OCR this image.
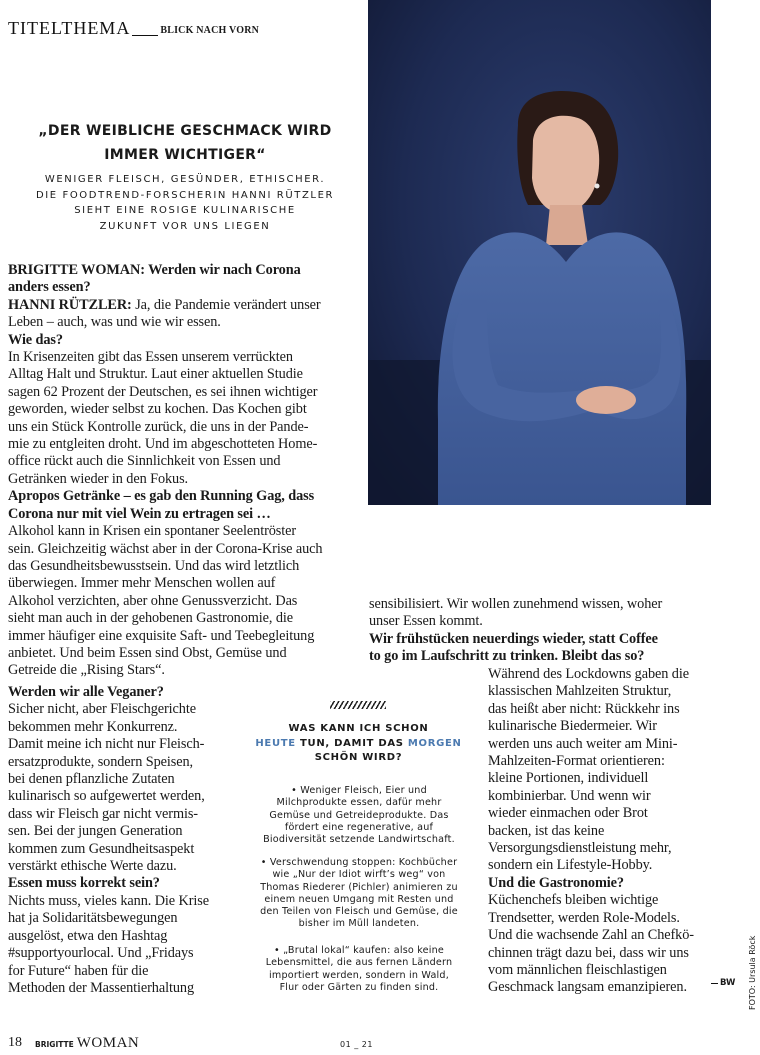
TITELTHEMA	BLICK NACH VORN
„DER WEIBLICHE GESCHMACK WIRD
IMMER WICHTIGER“
WENIGER FLEISCH, GESÜNDER, ETHISCHER.
DIE FOODTREND-FORSCHERIN HANNI RÜTZLER
SIEHT EINE ROSIGE KULINARISCHE
ZUKUNFT VOR UNS LIEGEN
BRIGITTE WOMAN: Werden wir nach Corona
anders essen?
HANNI RÜTZLER: Ja, die Pandemie verändert unser
Leben – auch, was und wie wir essen.
Wie das?
In Krisenzeiten gibt das Essen unserem verrückten
Alltag Halt und Struktur. Laut einer aktuellen Studie
sagen 62 Prozent der Deutschen, es sei ihnen wichtiger
geworden, wieder selbst zu kochen. Das Kochen gibt
uns ein Stück Kontrolle zurück, die uns in der Pande-
mie zu entgleiten droht. Und im abgeschotteten Home-
office rückt auch die Sinnlichkeit von Essen und
Getränken wieder in den Fokus.
Apropos Getränke – es gab den Running Gag, dass
Corona nur mit viel Wein zu ertragen sei …
Alkohol kann in Krisen ein spontaner Seelentröster
sein. Gleichzeitig wächst aber in der Corona-Krise auch
das Gesundheitsbewusstsein. Und das wird letztlich
überwiegen. Immer mehr Menschen wollen auf
Alkohol verzichten, aber ohne Genussverzicht. Das
sieht man auch in der gehobenen Gastronomie, die
immer häufiger eine exquisite Saft- und Teebegleitung
anbietet. Und beim Essen sind Obst, Gemüse und
Getreide die „Rising Stars“.
Werden wir alle Veganer?
Sicher nicht, aber Fleischgerichte
bekommen mehr Konkurrenz.
Damit meine ich nicht nur Fleisch-
ersatzprodukte, sondern Speisen,
bei denen pflanzliche Zutaten
kulinarisch so aufgewertet werden,
dass wir Fleisch gar nicht vermis-
sen. Bei der jungen Generation
kommen zum Gesundheitsaspekt
verstärkt ethische Werte dazu.
Essen muss korrekt sein?
Nichts muss, vieles kann. Die Krise
hat ja Solidaritätsbewegungen
ausgelöst, etwa den Hashtag
#supportyourlocal. Und „Fridays
for Future“ haben für die
Methoden der Massentierhaltung
sensibilisiert. Wir wollen zunehmend wissen, woher
unser Essen kommt.
Wir frühstücken neuerdings wieder, statt Coffee
to go im Laufschritt zu trinken. Bleibt das so?
Während des Lockdowns gaben die
klassischen Mahlzeiten Struktur,
das heißt aber nicht: Rückkehr ins
kulinarische Biedermeier. Wir
werden uns auch weiter am Mini-
Mahlzeiten-Format orientieren:
kleine Portionen, individuell
kombinierbar. Und wenn wir
wieder einmachen oder Brot
backen, ist das keine
Versorgungsdienstleistung mehr,
sondern ein Lifestyle-Hobby.
Und die Gastronomie?
Küchenchefs bleiben wichtige
Trendsetter, werden Role-Models.
Und die wachsende Zahl an Chefkö-
chinnen trägt dazu bei, dass wir uns
vom männlichen fleischlastigen
Geschmack langsam emanzipieren.
WAS KANN ICH SCHON
HEUTE TUN, DAMIT DAS MORGEN
SCHÖN WIRD?
• Weniger Fleisch, Eier und
Milchprodukte essen, dafür mehr
Gemüse und Getreideprodukte. Das
fördert eine regenerative, auf
Biodiversität setzende Landwirtschaft.
• Verschwendung stoppen: Kochbücher
wie „Nur der Idiot wirft’s weg“ von
Thomas Riederer (Pichler) animieren zu
einem neuen Umgang mit Resten und
den Teilen von Fleisch und Gemüse, die
bisher im Müll landeten.
• „Brutal lokal“ kaufen: also keine
Lebensmittel, die aus fernen Ländern
importiert werden, sondern in Wald,
Flur oder Gärten zu finden sind.	BW FOTO: Ursula Röck
18 BRIGITTE WOMAN	01 _ 21
